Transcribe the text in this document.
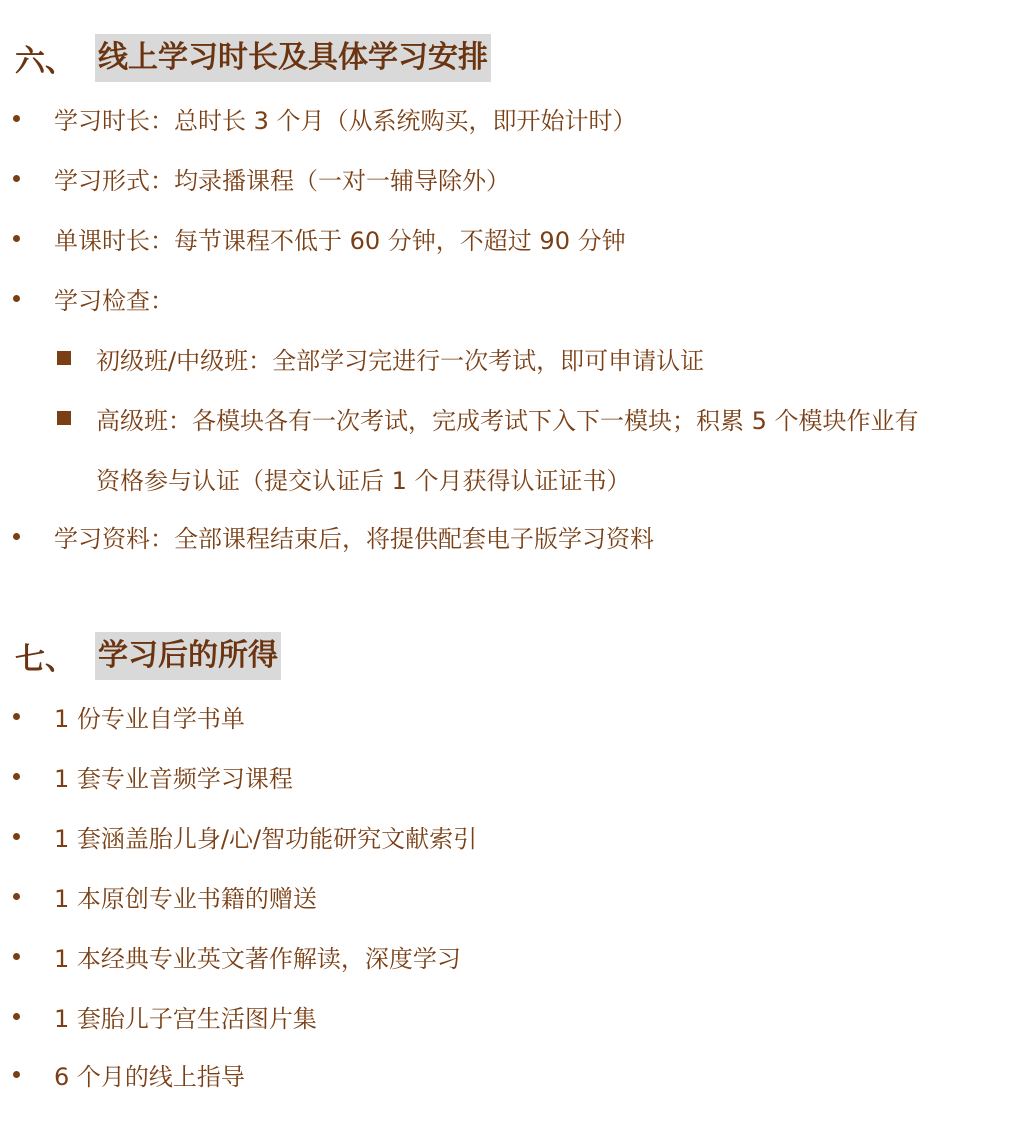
六、 线上学习时长及具体学习安排
学习时长：总时长 3 个月（从系统购买，即开始计时）
学习形式：均录播课程（一对一辅导除外）
单课时长：每节课程不低于 60 分钟，不超过 90 分钟
学习检查：
初级班/中级班：全部学习完进行一次考试，即可申请认证
高级班：各模块各有一次考试，完成考试下入下一模块；积累 5 个模块作业有
资格参与认证（提交认证后 1 个月获得认证证书）
学习资料：全部课程结束后，将提供配套电子版学习资料
七、 学习后的所得
1 份专业自学书单
1 套专业音频学习课程
1 套涵盖胎儿身/心/智功能研究文献索引
1 本原创专业书籍的赠送
1 本经典专业英文著作解读，深度学习
1 套胎儿子宫生活图片集
6 个月的线上指导
